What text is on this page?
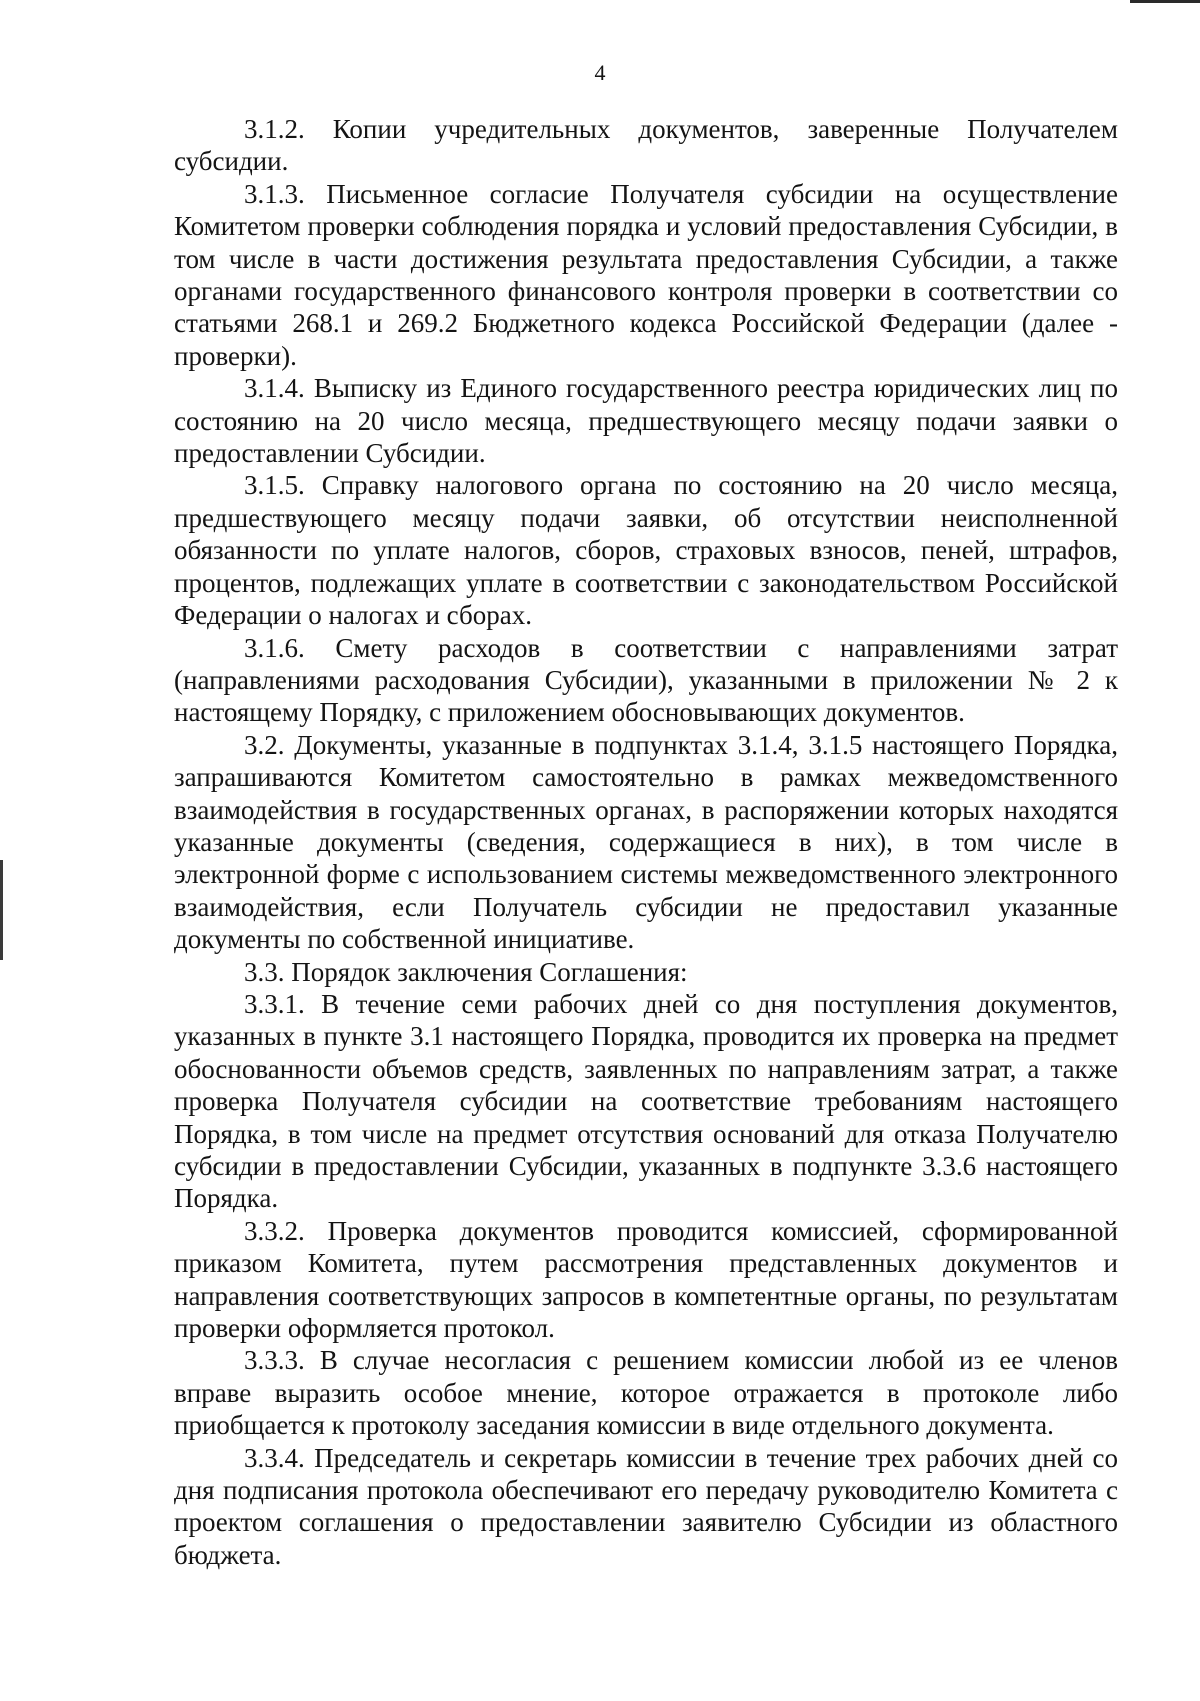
4

3.1.2. Копии учредительных документов, заверенные Получателем субсидии.

3.1.3. Письменное согласие Получателя субсидии на осуществление Комитетом проверки соблюдения порядка и условий предоставления Субсидии, в том числе в части достижения результата предоставления Субсидии, а также органами государственного финансового контроля проверки в соответствии со статьями 268.1 и 269.2 Бюджетного кодекса Российской Федерации (далее - проверки).

3.1.4. Выписку из Единого государственного реестра юридических лиц по состоянию на 20 число месяца, предшествующего месяцу подачи заявки о предоставлении Субсидии.

3.1.5. Справку налогового органа по состоянию на 20 число месяца, предшествующего месяцу подачи заявки, об отсутствии неисполненной обязанности по уплате налогов, сборов, страховых взносов, пеней, штрафов, процентов, подлежащих уплате в соответствии с законодательством Российской Федерации о налогах и сборах.

3.1.6. Смету расходов в соответствии с направлениями затрат (направлениями расходования Субсидии), указанными в приложении № 2 к настоящему Порядку, с приложением обосновывающих документов.

3.2. Документы, указанные в подпунктах 3.1.4, 3.1.5 настоящего Порядка, запрашиваются Комитетом самостоятельно в рамках межведомственного взаимодействия в государственных органах, в распоряжении которых находятся указанные документы (сведения, содержащиеся в них), в том числе в электронной форме с использованием системы межведомственного электронного взаимодействия, если Получатель субсидии не предоставил указанные документы по собственной инициативе.

3.3. Порядок заключения Соглашения:

3.3.1. В течение семи рабочих дней со дня поступления документов, указанных в пункте 3.1 настоящего Порядка, проводится их проверка на предмет обоснованности объемов средств, заявленных по направлениям затрат, а также проверка Получателя субсидии на соответствие требованиям настоящего Порядка, в том числе на предмет отсутствия оснований для отказа Получателю субсидии в предоставлении Субсидии, указанных в подпункте 3.3.6 настоящего Порядка.

3.3.2. Проверка документов проводится комиссией, сформированной приказом Комитета, путем рассмотрения представленных документов и направления соответствующих запросов в компетентные органы, по результатам проверки оформляется протокол.

3.3.3. В случае несогласия с решением комиссии любой из ее членов вправе выразить особое мнение, которое отражается в протоколе либо приобщается к протоколу заседания комиссии в виде отдельного документа.

3.3.4. Председатель и секретарь комиссии в течение трех рабочих дней со дня подписания протокола обеспечивают его передачу руководителю Комитета с проектом соглашения о предоставлении заявителю Субсидии из областного бюджета.
